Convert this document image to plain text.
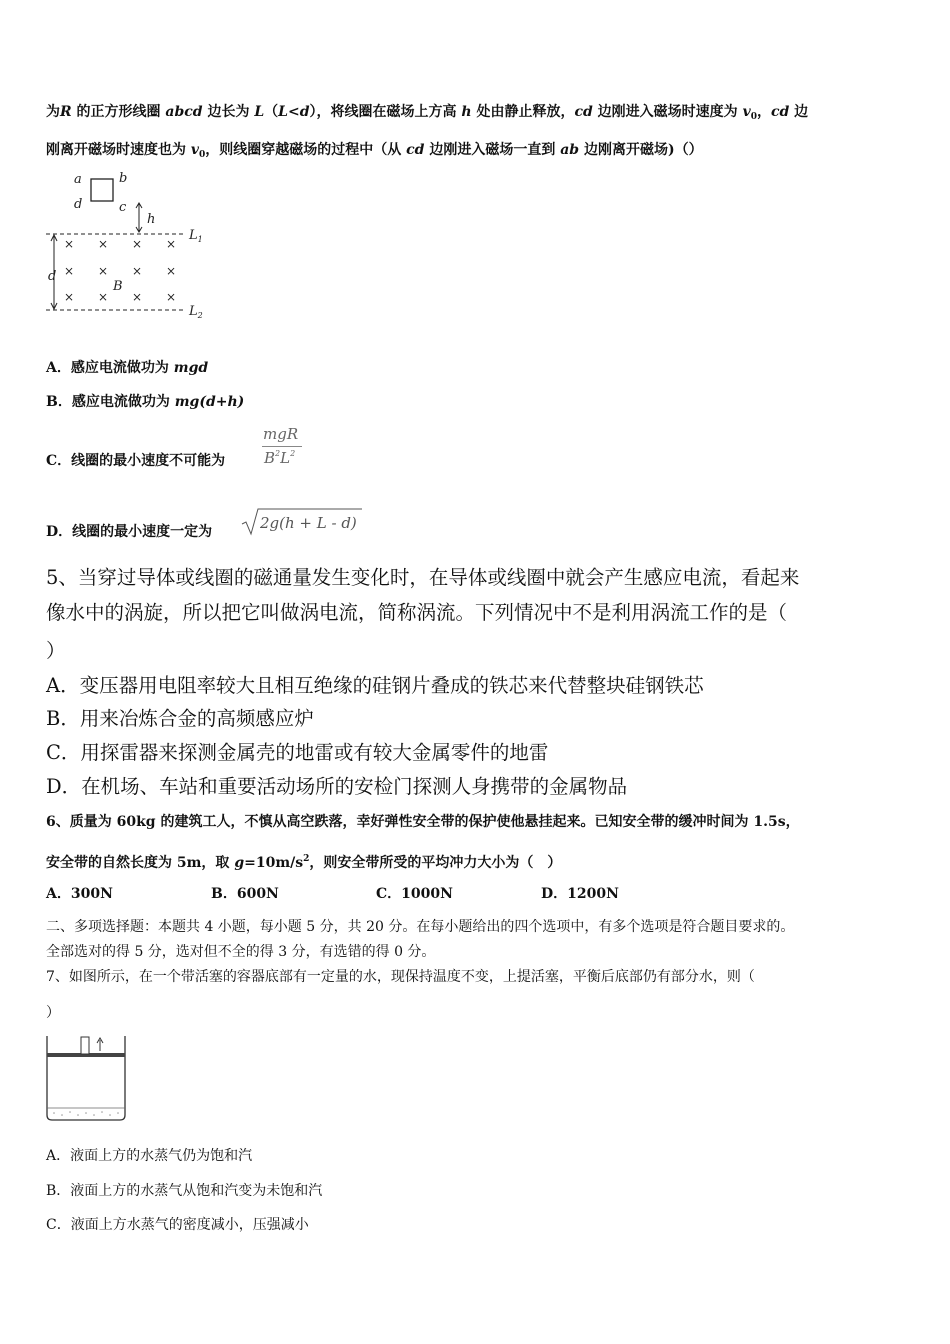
为R 的正方形线圈 abcd 边长为 L（L<d），将线圈在磁场上方高 h 处由静止释放，cd 边刚进入磁场时速度为 $v_0$，cd 边
刚离开磁场时速度也为 $v_0$，则线圈穿越磁场的过程中（从 cd 边刚进入磁场一直到 ab 边刚离开磁场)（）
a	b
d	c
h
d
B
$L_1$
$L_2$
× × × ×
× × × ×
× × × ×
A．感应电流做功为 mgd
B．感应电流做功为 mg(d+h)
C．线圈的最小速度不可能为
mgR
$B^2L^2$
D．线圈的最小速度一定为	2g(h + L - d)
5、当穿过导体或线圈的磁通量发生变化时，在导体或线圈中就会产生感应电流，看起来
像水中的涡旋，所以把它叫做涡电流，简称涡流。下列情况中不是利用涡流工作的是（
）
A．变压器用电阻率较大且相互绝缘的硅钢片叠成的铁芯来代替整块硅钢铁芯
B．用来冶炼合金的高频感应炉
C．用探雷器来探测金属壳的地雷或有较大金属零件的地雷
D．在机场、车站和重要活动场所的安检门探测人身携带的金属物品
6、质量为 60kg 的建筑工人，不慎从高空跌落，幸好弹性安全带的保护使他悬挂起来。已知安全带的缓冲时间为 1.5s，
安全带的自然长度为 5m，取 $g=10m/s^2$，则安全带所受的平均冲力大小为（　）
A．300N	B．600N	C．1000N	D．1200N
二、多项选择题：本题共 4 小题，每小题 5 分，共 20 分。在每小题给出的四个选项中，有多个选项是符合题目要求的。
全部选对的得 5 分，选对但不全的得 3 分，有选错的得 0 分。
7、如图所示，在一个带活塞的容器底部有一定量的水，现保持温度不变，上提活塞，平衡后底部仍有部分水，则（
）
A．液面上方的水蒸气仍为饱和汽
B．液面上方的水蒸气从饱和汽变为未饱和汽
C．液面上方水蒸气的密度减小，压强减小
